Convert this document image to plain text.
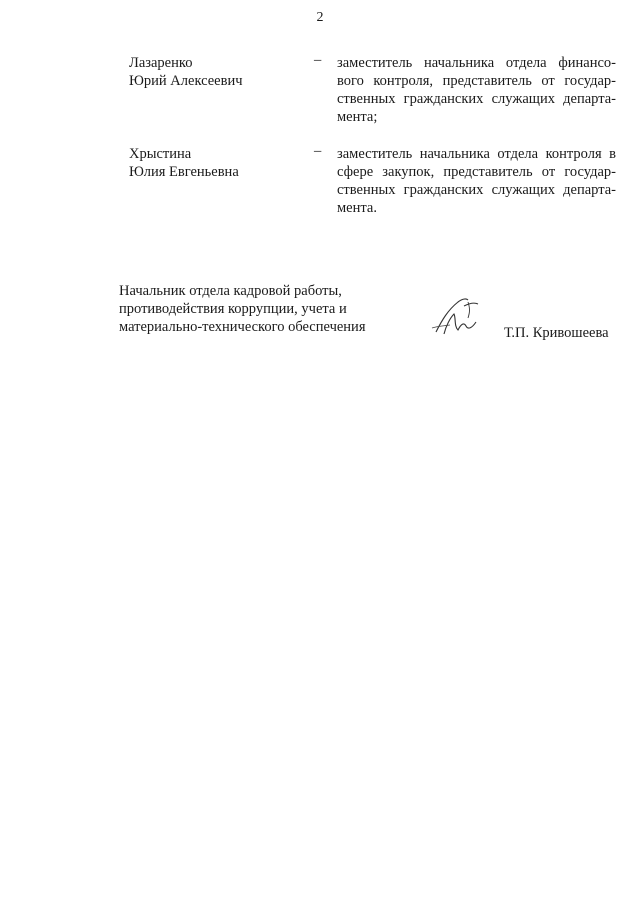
2
Лазаренко
Юрий Алексеевич
– заместитель начальника отдела финансо-
вого контроля, представитель от государ-
ственных гражданских служащих департа-
мента;
Хрыстина
Юлия Евгеньевна
– заместитель начальника отдела контроля в
сфере закупок, представитель от государ-
ственных гражданских служащих департа-
мента.
Начальник отдела кадровой работы,
противодействия коррупции, учета и
материально-технического обеспечения	Т.П. Кривошеева
